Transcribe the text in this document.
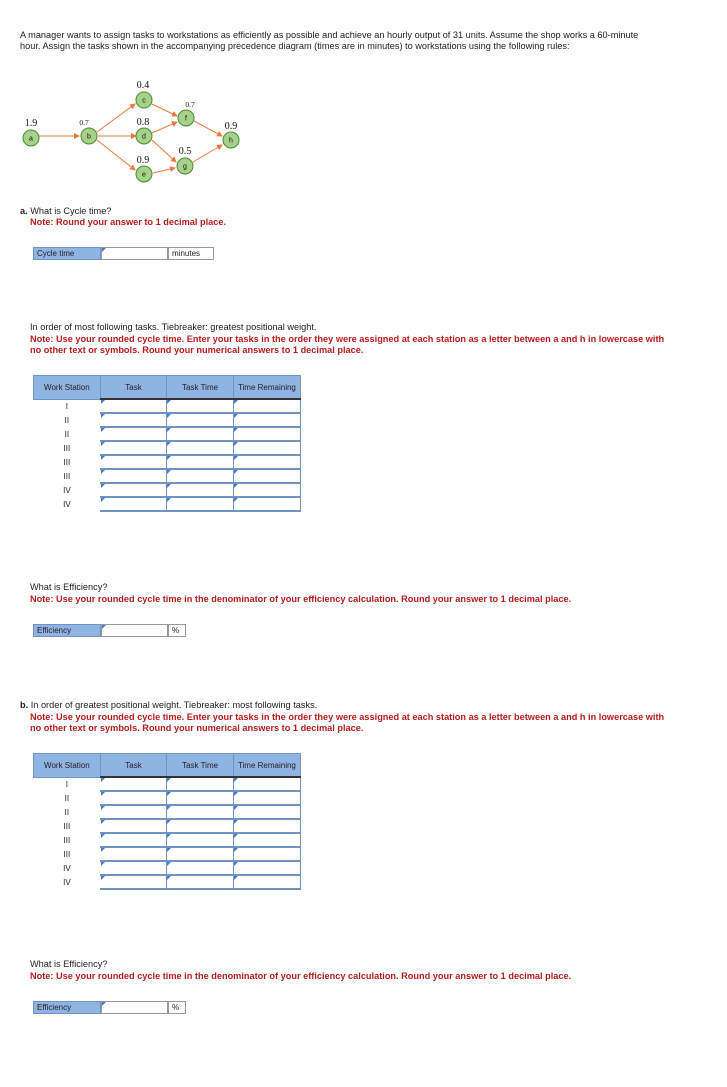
A manager wants to assign tasks to workstations as efficiently as possible and achieve an hourly output of 31 units. Assume the shop works a 60-minute hour. Assign the tasks shown in the accompanying precedence diagram (times are in minutes) to workstations using the following rules:
a
1.9
b
0.7
c
0.4
d
0.8
e
0.9
f
0.7
g
0.5
h
0.9
a. What is Cycle time?
Note: Round your answer to 1 decimal place.
Cycle time	minutes
In order of most following tasks. Tiebreaker: greatest positional weight.
Note: Use your rounded cycle time. Enter your tasks in the order they were assigned at each station as a letter between a and h in lowercase with no other text or symbols. Round your numerical answers to 1 decimal place.
Work Station	Task	Task Time	Time Remaining
I			
II			
II			
III			
III			
III			
IV			
IV			
What is Efficiency?
Note: Use your rounded cycle time in the denominator of your efficiency calculation. Round your answer to 1 decimal place.
Efficiency	%
b. In order of greatest positional weight. Tiebreaker: most following tasks.
Note: Use your rounded cycle time. Enter your tasks in the order they were assigned at each station as a letter between a and h in lowercase with no other text or symbols. Round your numerical answers to 1 decimal place.
Work Station	Task	Task Time	Time Remaining
I			
II			
II			
III			
III			
III			
IV			
IV			
What is Efficiency?
Note: Use your rounded cycle time in the denominator of your efficiency calculation. Round your answer to 1 decimal place.
Efficiency	%
